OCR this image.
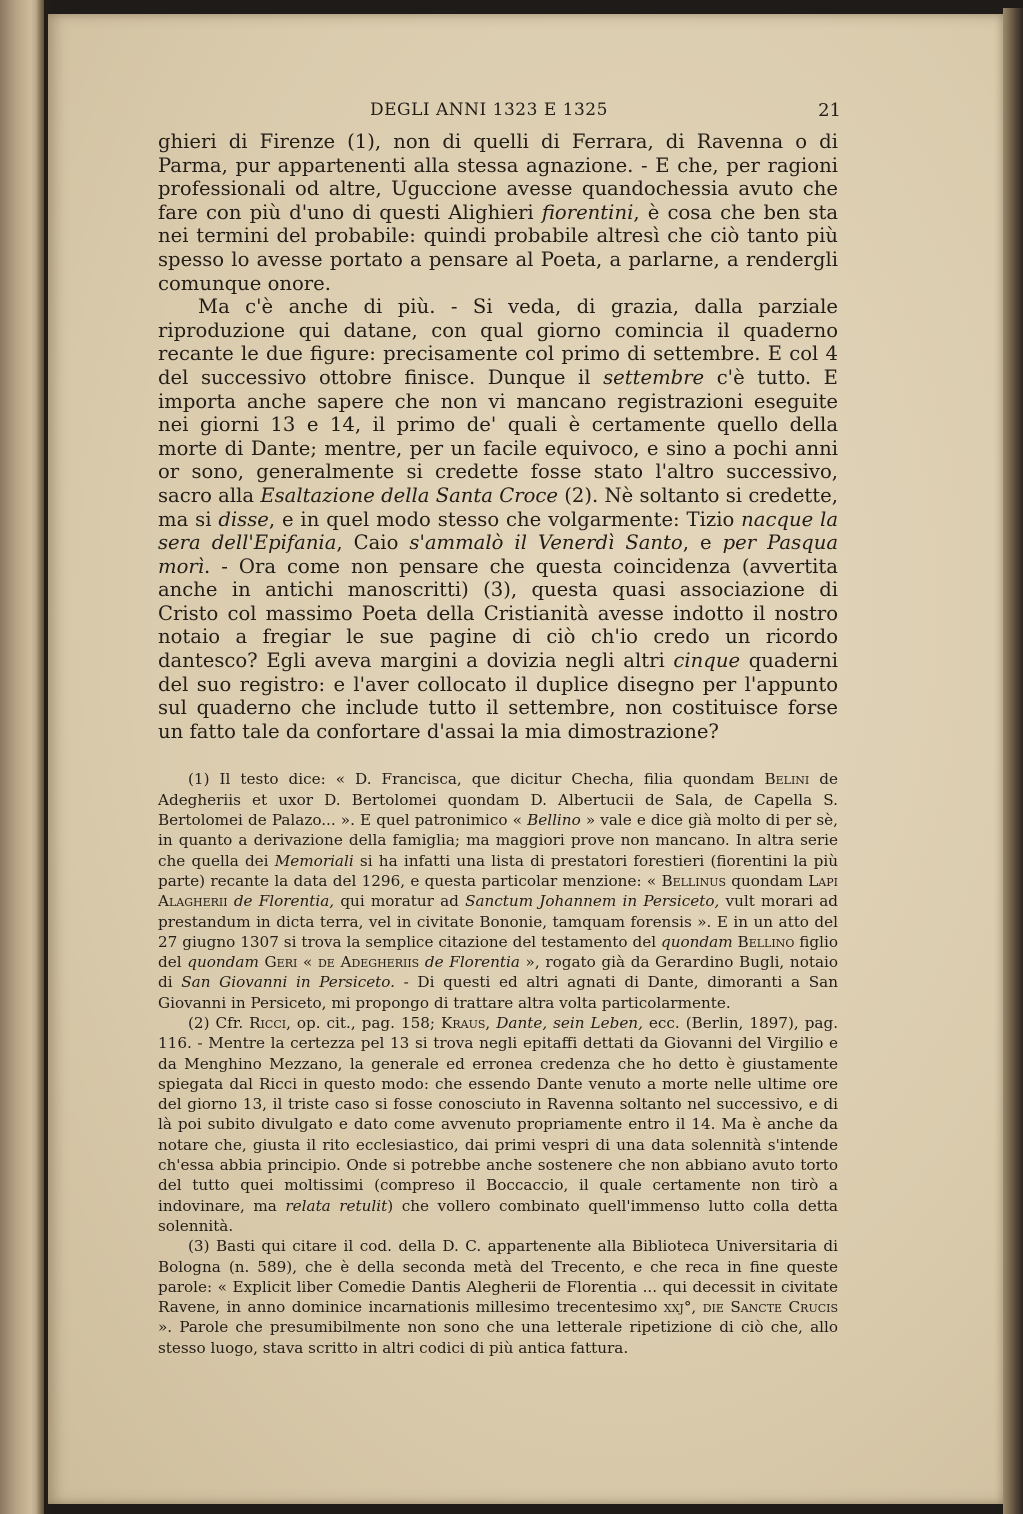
DEGLI ANNI 1323 E 1325	21

ghieri di Firenze (1), non di quelli di Ferrara, di Ravenna o di Parma, pur appartenenti alla stessa agnazione. - E che, per ragioni professionali od altre, Uguccione avesse quandochessia avuto che fare con più d'uno di questi Alighieri fiorentini, è cosa che ben sta nei termini del probabile: quindi probabile altresì che ciò tanto più spesso lo avesse portato a pensare al Poeta, a parlarne, a rendergli comunque onore.

Ma c'è anche di più. - Si veda, di grazia, dalla parziale riproduzione qui datane, con qual giorno comincia il quaderno recante le due figure: precisamente col primo di settembre. E col 4 del successivo ottobre finisce. Dunque il settembre c'è tutto. E importa anche sapere che non vi mancano registrazioni eseguite nei giorni 13 e 14, il primo de' quali è certamente quello della morte di Dante; mentre, per un facile equivoco, e sino a pochi anni or sono, generalmente si credette fosse stato l'altro successivo, sacro alla Esaltazione della Santa Croce (2). Nè soltanto si credette, ma si disse, e in quel modo stesso che volgarmente: Tizio nacque la sera dell'Epifania, Caio s'ammalò il Venerdì Santo, e per Pasqua morì. - Ora come non pensare che questa coincidenza (avvertita anche in antichi manoscritti) (3), questa quasi associazione di Cristo col massimo Poeta della Cristianità avesse indotto il nostro notaio a fregiar le sue pagine di ciò ch'io credo un ricordo dantesco? Egli aveva margini a dovizia negli altri cinque quaderni del suo registro: e l'aver collocato il duplice disegno per l'appunto sul quaderno che include tutto il settembre, non costituisce forse un fatto tale da confortare d'assai la mia dimostrazione?

(1) Il testo dice: « D. Francisca, que dicitur Checha, filia quondam Belini de Adegheriis et uxor D. Bertolomei quondam D. Albertucii de Sala, de Capella S. Bertolomei de Palazo... ». E quel patronimico « Bellino » vale e dice già molto di per sè, in quanto a derivazione della famiglia; ma maggiori prove non mancano. In altra serie che quella dei Memoriali si ha infatti una lista di prestatori forestieri (fiorentini la più parte) recante la data del 1296, e questa particolar menzione: « Bellinus quondam Lapi Alagherii de Florentia, qui moratur ad Sanctum Johannem in Persiceto, vult morari ad prestandum in dicta terra, vel in civitate Bononie, tamquam forensis ». E in un atto del 27 giugno 1307 si trova la semplice citazione del testamento del quondam Bellino figlio del quondam Geri « de Adegheriis de Florentia », rogato già da Gerardino Bugli, notaio di San Giovanni in Persiceto. - Di questi ed altri agnati di Dante, dimoranti a San Giovanni in Persiceto, mi propongo di trattare altra volta particolarmente.

(2) Cfr. Ricci, op. cit., pag. 158; Kraus, Dante, sein Leben, ecc. (Berlin, 1897), pag. 116. - Mentre la certezza pel 13 si trova negli epitaffi dettati da Giovanni del Virgilio e da Menghino Mezzano, la generale ed erronea credenza che ho detto è giustamente spiegata dal Ricci in questo modo: che essendo Dante venuto a morte nelle ultime ore del giorno 13, il triste caso si fosse conosciuto in Ravenna soltanto nel successivo, e di là poi subito divulgato e dato come avvenuto propriamente entro il 14. Ma è anche da notare che, giusta il rito ecclesiastico, dai primi vespri di una data solennità s'intende ch'essa abbia principio. Onde si potrebbe anche sostenere che non abbiano avuto torto del tutto quei moltissimi (compreso il Boccaccio, il quale certamente non tirò a indovinare, ma relata retulit) che vollero combinato quell'immenso lutto colla detta solennità.

(3) Basti qui citare il cod. della D. C. appartenente alla Biblioteca Universitaria di Bologna (n. 589), che è della seconda metà del Trecento, e che reca in fine queste parole: « Explicit liber Comedie Dantis Alegherii de Florentia ... qui decessit in civitate Ravene, in anno dominice incarnationis millesimo trecentesimo xxj°, die Sancte Crucis ». Parole che presumibilmente non sono che una letterale ripetizione di ciò che, allo stesso luogo, stava scritto in altri codici di più antica fattura.
